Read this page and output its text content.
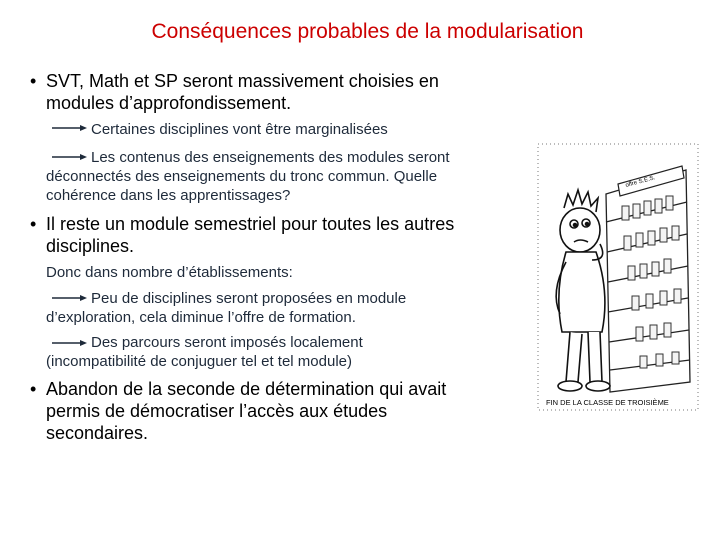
Conséquences probables de la modularisation
• SVT, Math et SP seront massivement choisies en
modules d’approfondissement.
Certaines disciplines vont être marginalisées
Les contenus des enseignements des modules seront
déconnectés des enseignements du tronc commun. Quelle
cohérence dans les apprentissages?
• Il reste un module semestriel pour toutes les autres
disciplines.
Donc dans nombre d’établissements:
Peu de disciplines seront proposées en module
d’exploration, cela diminue l’offre de formation.
Des parcours seront imposés localement
(incompatibilité de conjuguer tel et tel module)
• Abandon de la seconde de détermination qui avait
permis de démocratiser l’accès aux études
secondaires.
offre S.E.S.
FIN DE LA CLASSE DE TROISIÈME
